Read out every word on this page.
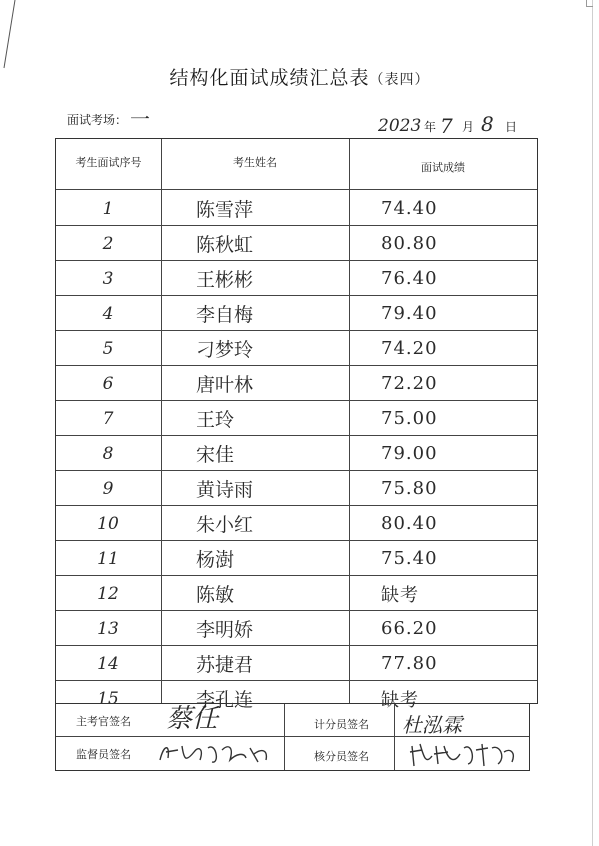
结构化面试成绩汇总表（表四）
面试考场： 一	2023 年 7 月 8 日
考生面试序号	考生姓名	面试成绩
1	陈雪萍	74.40
2	陈秋虹	80.80
3	王彬彬	76.40
4	李自梅	79.40
5	刁梦玲	74.20
6	唐叶林	72.20
7	王玲	75.00
8	宋佳	79.00
9	黄诗雨	75.80
10	朱小红	80.40
11	杨澍	75.40
12	陈敏	缺考
13	李明娇	66.20
14	苏捷君	77.80
15	李孔连	缺考
主考官签名 蔡任	计分员签名 杜泓霖
监督员签名	核分员签名
